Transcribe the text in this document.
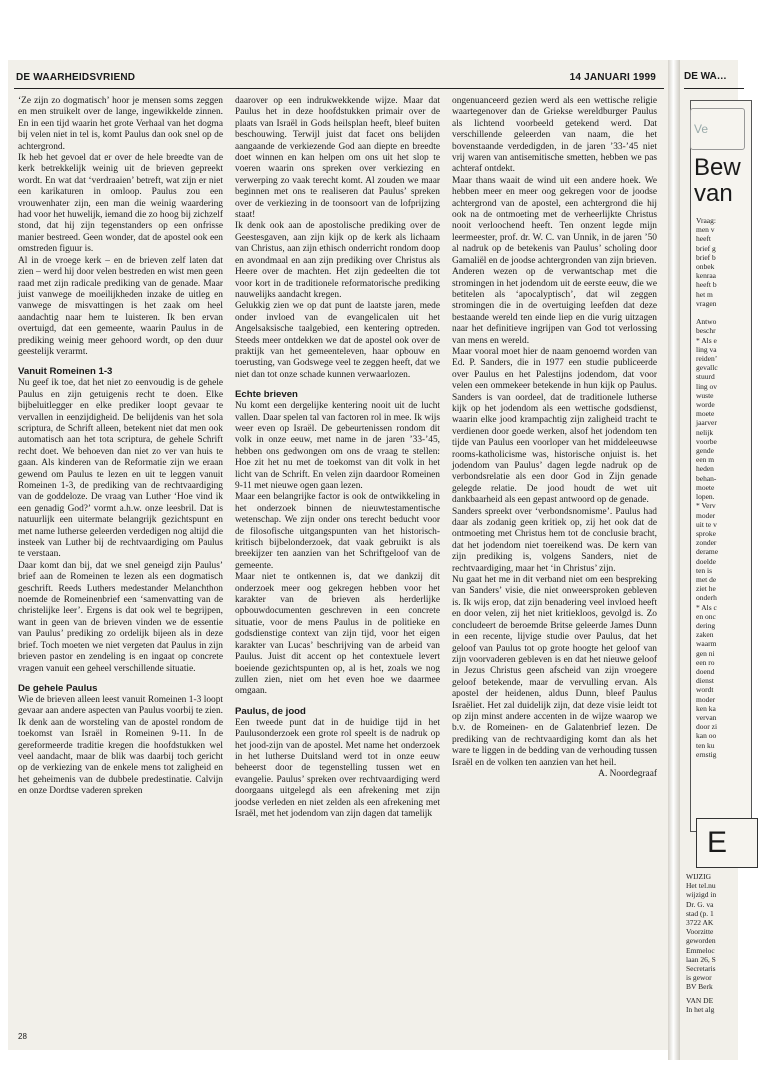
DE WAARHEIDSVRIEND	14 JANUARI 1999

‘Ze zijn zo dogmatisch’ hoor je mensen soms zeggen en men struikelt over de lange, ingewikkelde zinnen. En in een tijd waarin het grote Verhaal van het dogma bij velen niet in tel is, komt Paulus dan ook snel op de achtergrond.

Ik heb het gevoel dat er over de hele breedte van de kerk betrekkelijk weinig uit de brieven gepreekt wordt. En wat dat ‘verdraaien’ betreft, wat zijn er niet een karikaturen in omloop. Paulus zou een vrouwenhater zijn, een man die weinig waardering had voor het huwelijk, iemand die zo hoog bij zichzelf stond, dat hij zijn tegenstanders op een onfrisse manier bestreed. Geen wonder, dat de apostel ook een omstreden figuur is.

Al in de vroege kerk – en de brieven zelf laten dat zien – werd hij door velen bestreden en wist men geen raad met zijn radicale prediking van de genade. Maar juist vanwege de moeilijkheden inzake de uitleg en vanwege de misvattingen is het zaak om heel aandachtig naar hem te luisteren. Ik ben ervan overtuigd, dat een gemeente, waarin Paulus in de prediking weinig meer gehoord wordt, op den duur geestelijk verarmt.

Vanuit Romeinen 1-3

Nu geef ik toe, dat het niet zo eenvoudig is de gehele Paulus en zijn getuigenis recht te doen. Elke bijbeluitlegger en elke prediker loopt gevaar te vervallen in eenzijdigheid. De belijdenis van het sola scriptura, de Schrift alleen, betekent niet dat men ook automatisch aan het tota scriptura, de gehele Schrift recht doet. We behoeven dan niet zo ver van huis te gaan. Als kinderen van de Reformatie zijn we eraan gewend om Paulus te lezen en uit te leggen vanuit Romeinen 1-3, de prediking van de rechtvaardiging van de goddeloze. De vraag van Luther ‘Hoe vind ik een genadig God?’ vormt a.h.w. onze leesbril. Dat is natuurlijk een uitermate belangrijk gezichtspunt en met name lutherse geleerden verdedigen nog altijd die insteek van Luther bij de rechtvaardiging om Paulus te verstaan.

Daar komt dan bij, dat we snel geneigd zijn Paulus’ brief aan de Romeinen te lezen als een dogmatisch geschrift. Reeds Luthers medestander Melanchthon noemde de Romeinenbrief een ‘samenvatting van de christelijke leer’. Ergens is dat ook wel te begrijpen, want in geen van de brieven vinden we de essentie van Paulus’ prediking zo ordelijk bijeen als in deze brief. Toch moeten we niet vergeten dat Paulus in zijn brieven pastor en zendeling is en ingaat op concrete vragen vanuit een geheel verschillende situatie.

De gehele Paulus

Wie de brieven alleen leest vanuit Romeinen 1-3 loopt gevaar aan andere aspecten van Paulus voorbij te zien. Ik denk aan de worsteling van de apostel rondom de toekomst van Israël in Romeinen 9-11. In de gereformeerde traditie kregen die hoofdstukken wel veel aandacht, maar de blik was daarbij toch gericht op de verkiezing van de enkele mens tot zaligheid en het geheimenis van de dubbele predestinatie. Calvijn en onze Dordtse vaderen spreken

daarover op een indrukwekkende wijze. Maar dat Paulus het in deze hoofdstukken primair over de plaats van Israël in Gods heilsplan heeft, bleef buiten beschouwing. Terwijl juist dat facet ons belijden aangaande de verkiezende God aan diepte en breedte doet winnen en kan helpen om ons uit het slop te voeren waarin ons spreken over verkiezing en verwerping zo vaak terecht komt. Al zouden we maar beginnen met ons te realiseren dat Paulus’ spreken over de verkiezing in de toonsoort van de lofprijzing staat!

Ik denk ook aan de apostolische prediking over de Geestesgaven, aan zijn kijk op de kerk als lichaam van Christus, aan zijn ethisch onderricht rondom doop en avondmaal en aan zijn prediking over Christus als Heere over de machten. Het zijn gedeelten die tot voor kort in de traditionele reformatorische prediking nauwelijks aandacht kregen.

Gelukkig zien we op dat punt de laatste jaren, mede onder invloed van de evangelicalen uit het Angelsaksische taalgebied, een kentering optreden. Steeds meer ontdekken we dat de apostel ook over de praktijk van het gemeenteleven, haar opbouw en toerusting, van Godswege veel te zeggen heeft, dat we niet dan tot onze schade kunnen verwaarlozen.

Echte brieven

Nu komt een dergelijke kentering nooit uit de lucht vallen. Daar spelen tal van factoren rol in mee. Ik wijs weer even op Israël. De gebeurtenissen rondom dit volk in onze eeuw, met name in de jaren ’33-’45, hebben ons gedwongen om ons de vraag te stellen: Hoe zit het nu met de toekomst van dit volk in het licht van de Schrift. En velen zijn daardoor Romeinen 9-11 met nieuwe ogen gaan lezen.

Maar een belangrijke factor is ook de ontwikkeling in het onderzoek binnen de nieuwtestamentische wetenschap. We zijn onder ons terecht beducht voor de filosofische uitgangspunten van het historisch-kritisch bijbelonderzoek, dat vaak gebruikt is als breekijzer ten aanzien van het Schriftgeloof van de gemeente.

Maar niet te ontkennen is, dat we dankzij dit onderzoek meer oog gekregen hebben voor het karakter van de brieven als herderlijke opbouwdocumenten geschreven in een concrete situatie, voor de mens Paulus in de politieke en godsdienstige context van zijn tijd, voor het eigen karakter van Lucas’ beschrijving van de arbeid van Paulus. Juist dit accent op het contextuele levert boeiende gezichtspunten op, al is het, zoals we nog zullen zien, niet om het even hoe we daarmee omgaan.

Paulus, de jood

Een tweede punt dat in de huidige tijd in het Paulusonderzoek een grote rol speelt is de nadruk op het jood-zijn van de apostel. Met name het onderzoek in het lutherse Duitsland werd tot in onze eeuw beheerst door de tegenstelling tussen wet en evangelie. Paulus’ spreken over rechtvaardiging werd doorgaans uitgelegd als een afrekening met zijn joodse verleden en niet zelden als een afrekening met Israël, met het jodendom van zijn dagen dat tamelijk

ongenuanceerd gezien werd als een wettische religie waartegenover dan de Griekse wereldburger Paulus als lichtend voorbeeld getekend werd. Dat verschillende geleerden van naam, die het bovenstaande verdedigden, in de jaren ’33-’45 niet vrij waren van antisemitische smetten, hebben we pas achteraf ontdekt.

Maar thans waait de wind uit een andere hoek. We hebben meer en meer oog gekregen voor de joodse achtergrond van de apostel, een achtergrond die hij ook na de ontmoeting met de verheerlijkte Christus nooit verloochend heeft. Ten onzent legde mijn leermeester, prof. dr. W. C. van Unnik, in de jaren ’50 al nadruk op de betekenis van Paulus’ scholing door Gamaliël en de joodse achtergronden van zijn brieven.

Anderen wezen op de verwantschap met die stromingen in het jodendom uit de eerste eeuw, die we betitelen als ‘apocalyptisch’, dat wil zeggen stromingen die in de overtuiging leefden dat deze bestaande wereld ten einde liep en die vurig uitzagen naar het definitieve ingrijpen van God tot verlossing van mens en wereld.

Maar vooral moet hier de naam genoemd worden van Ed. P. Sanders, die in 1977 een studie publiceerde over Paulus en het Palestijns jodendom, dat voor velen een ommekeer betekende in hun kijk op Paulus. Sanders is van oordeel, dat de traditionele lutherse kijk op het jodendom als een wettische godsdienst, waarin elke jood krampachtig zijn zaligheid tracht te verdienen door goede werken, alsof het jodendom ten tijde van Paulus een voorloper van het middeleeuwse rooms-katholicisme was, historische onjuist is. het jodendom van Paulus’ dagen legde nadruk op de verbondsrelatie als een door God in Zijn genade gelegde relatie. De jood houdt de wet uit dankbaarheid als een gepast antwoord op de genade.

Sanders spreekt over ‘verbondsnomisme’. Paulus had daar als zodanig geen kritiek op, zij het ook dat de ontmoeting met Christus hem tot de conclusie bracht, dat het jodendom niet toereikend was. De kern van zijn prediking is, volgens Sanders, niet de rechtvaardiging, maar het ‘in Christus’ zijn.

Nu gaat het me in dit verband niet om een bespreking van Sanders’ visie, die niet onweersproken gebleven is. Ik wijs erop, dat zijn benadering veel invloed heeft en door velen, zij het niet kritiekloos, gevolgd is. Zo concludeert de beroemde Britse geleerde James Dunn in een recente, lijvige studie over Paulus, dat het geloof van Paulus tot op grote hoogte het geloof van zijn voorvaderen gebleven is en dat het nieuwe geloof in Jezus Christus geen afscheid van zijn vroegere geloof betekende, maar de vervulling ervan. Als apostel der heidenen, aldus Dunn, bleef Paulus Israëliet. Het zal duidelijk zijn, dat deze visie leidt tot op zijn minst andere accenten in de wijze waarop we b.v. de Romeinen- en de Galatenbrief lezen. De prediking van de rechtvaardiging komt dan als het ware te liggen in de bedding van de verhouding tussen Israël en de volken ten aanzien van het heil.

A. Noordegraaf

28
DE WA…
Ve
Bew
van
Vraag:
men v
heeft
brief g
brief b
onbek
kenraa
heeft b
het m
vragen

Antwo
beschr
* Als e
ling va
reiden’
gevallc
stuurd
ling ov
wuste
worde
moete
jaarver
nelijk
voorbe
gende
een m
heden
behan-
moete
lopen.
* Verv
moder
uit te v
sproke
zonder
derame
doelde
ten is
met de
ziet he
onderh
* Als c
en onc
dering
zaken
waarm
gen ni
een ro
doend
dienst
wordt
moder
ken ka
vervan
door zi
kan oo
ten ku
ernstig
E
WIJZIG
Het tel.nu
wijzigd in
Dr. G. va
stad (p. 1
3722 AK
Voorzitte
geworden
Emmeloc
laan 26, S
Secretaris
is gewor
BV Berk
VAN DE
In het alg
